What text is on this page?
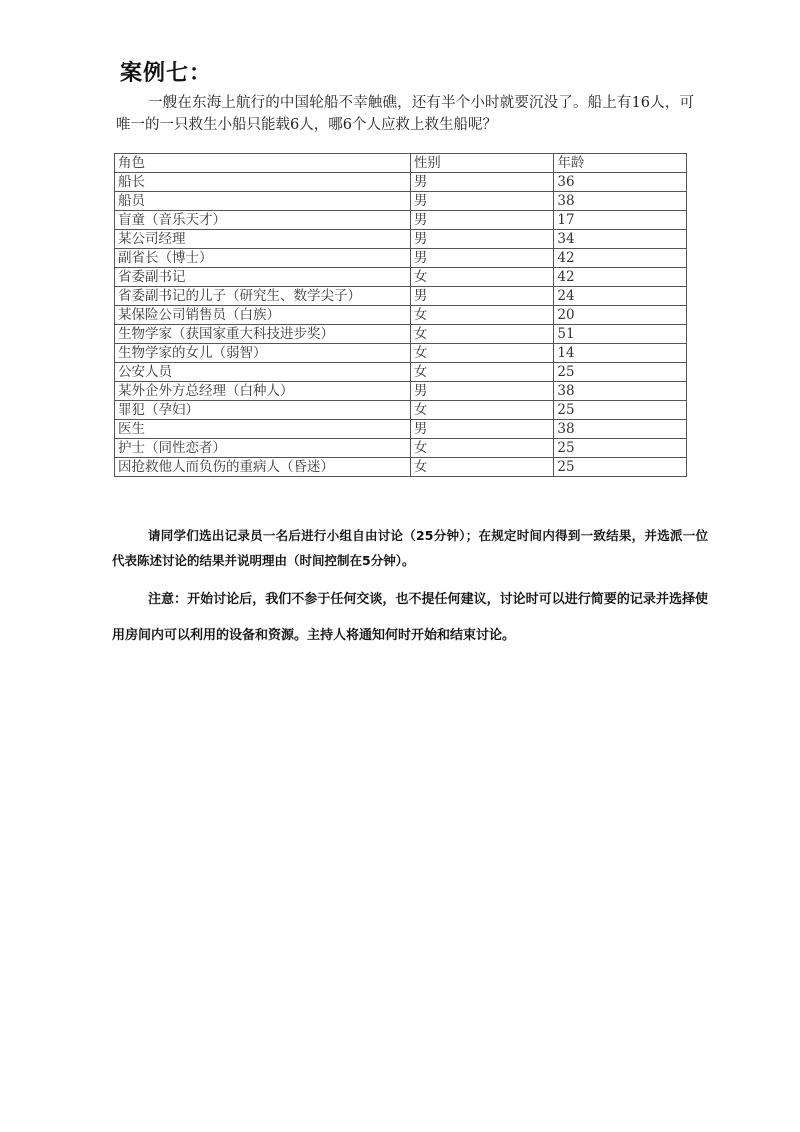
案例七：
一艘在东海上航行的中国轮船不幸触礁，还有半个小时就要沉没了。船上有16人，可唯一的一只救生小船只能载6人，哪6个人应救上救生船呢？
角色	性别	年龄
船长	男	36
船员	男	38
盲童（音乐天才）	男	17
某公司经理	男	34
副省长（博士）	男	42
省委副书记	女	42
省委副书记的儿子（研究生、数学尖子）	男	24
某保险公司销售员（白族）	女	20
生物学家（获国家重大科技进步奖）	女	51
生物学家的女儿（弱智）	女	14
公安人员	女	25
某外企外方总经理（白种人）	男	38
罪犯（孕妇）	女	25
医生	男	38
护士（同性恋者）	女	25
因抢救他人而负伤的重病人（昏迷）	女	25
请同学们选出记录员一名后进行小组自由讨论（25分钟）；在规定时间内得到一致结果，并选派一位代表陈述讨论的结果并说明理由（时间控制在5分钟）。
注意：开始讨论后，我们不参于任何交谈，也不提任何建议，讨论时可以进行简要的记录并选择使用房间内可以利用的设备和资源。主持人将通知何时开始和结束讨论。
